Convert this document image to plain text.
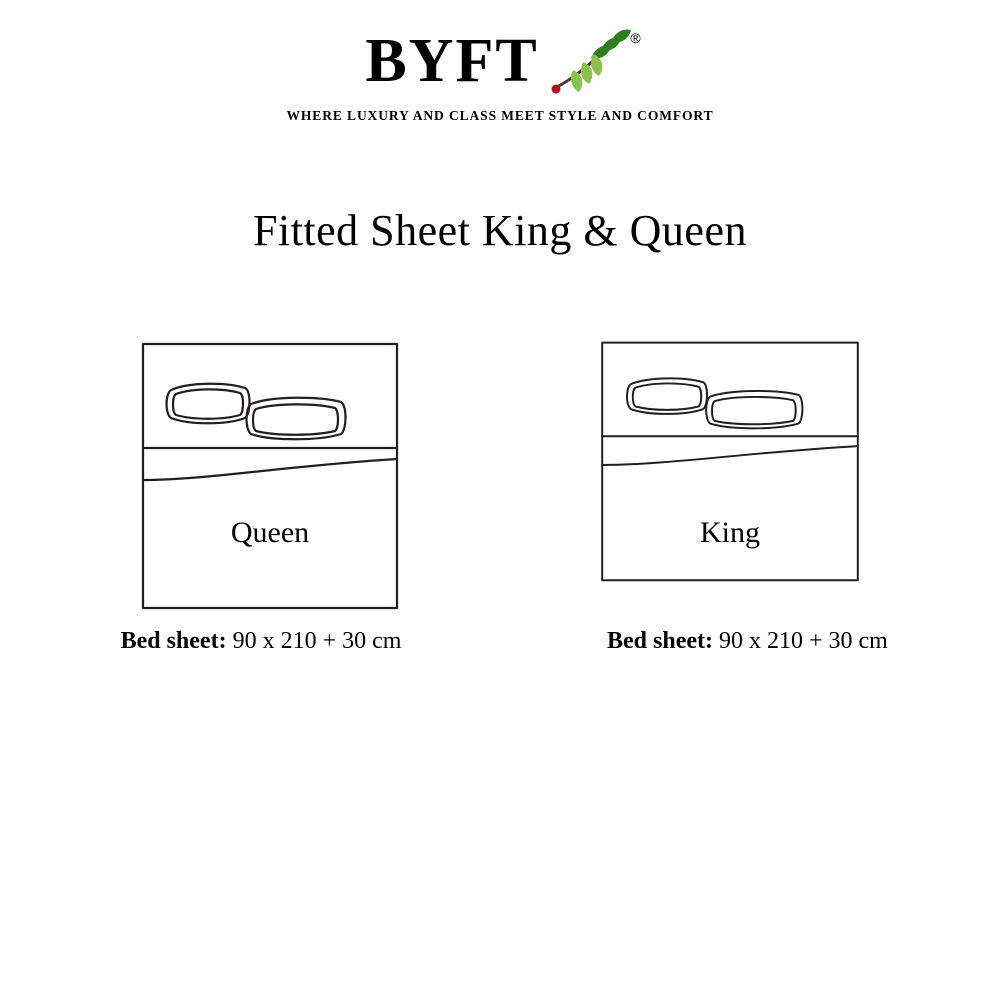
BYFT	®
WHERE LUXURY AND CLASS MEET STYLE AND COMFORT
Fitted Sheet King & Queen
Queen
Bed sheet: 90 x 210 + 30 cm
King
Bed sheet: 90 x 210 + 30 cm
